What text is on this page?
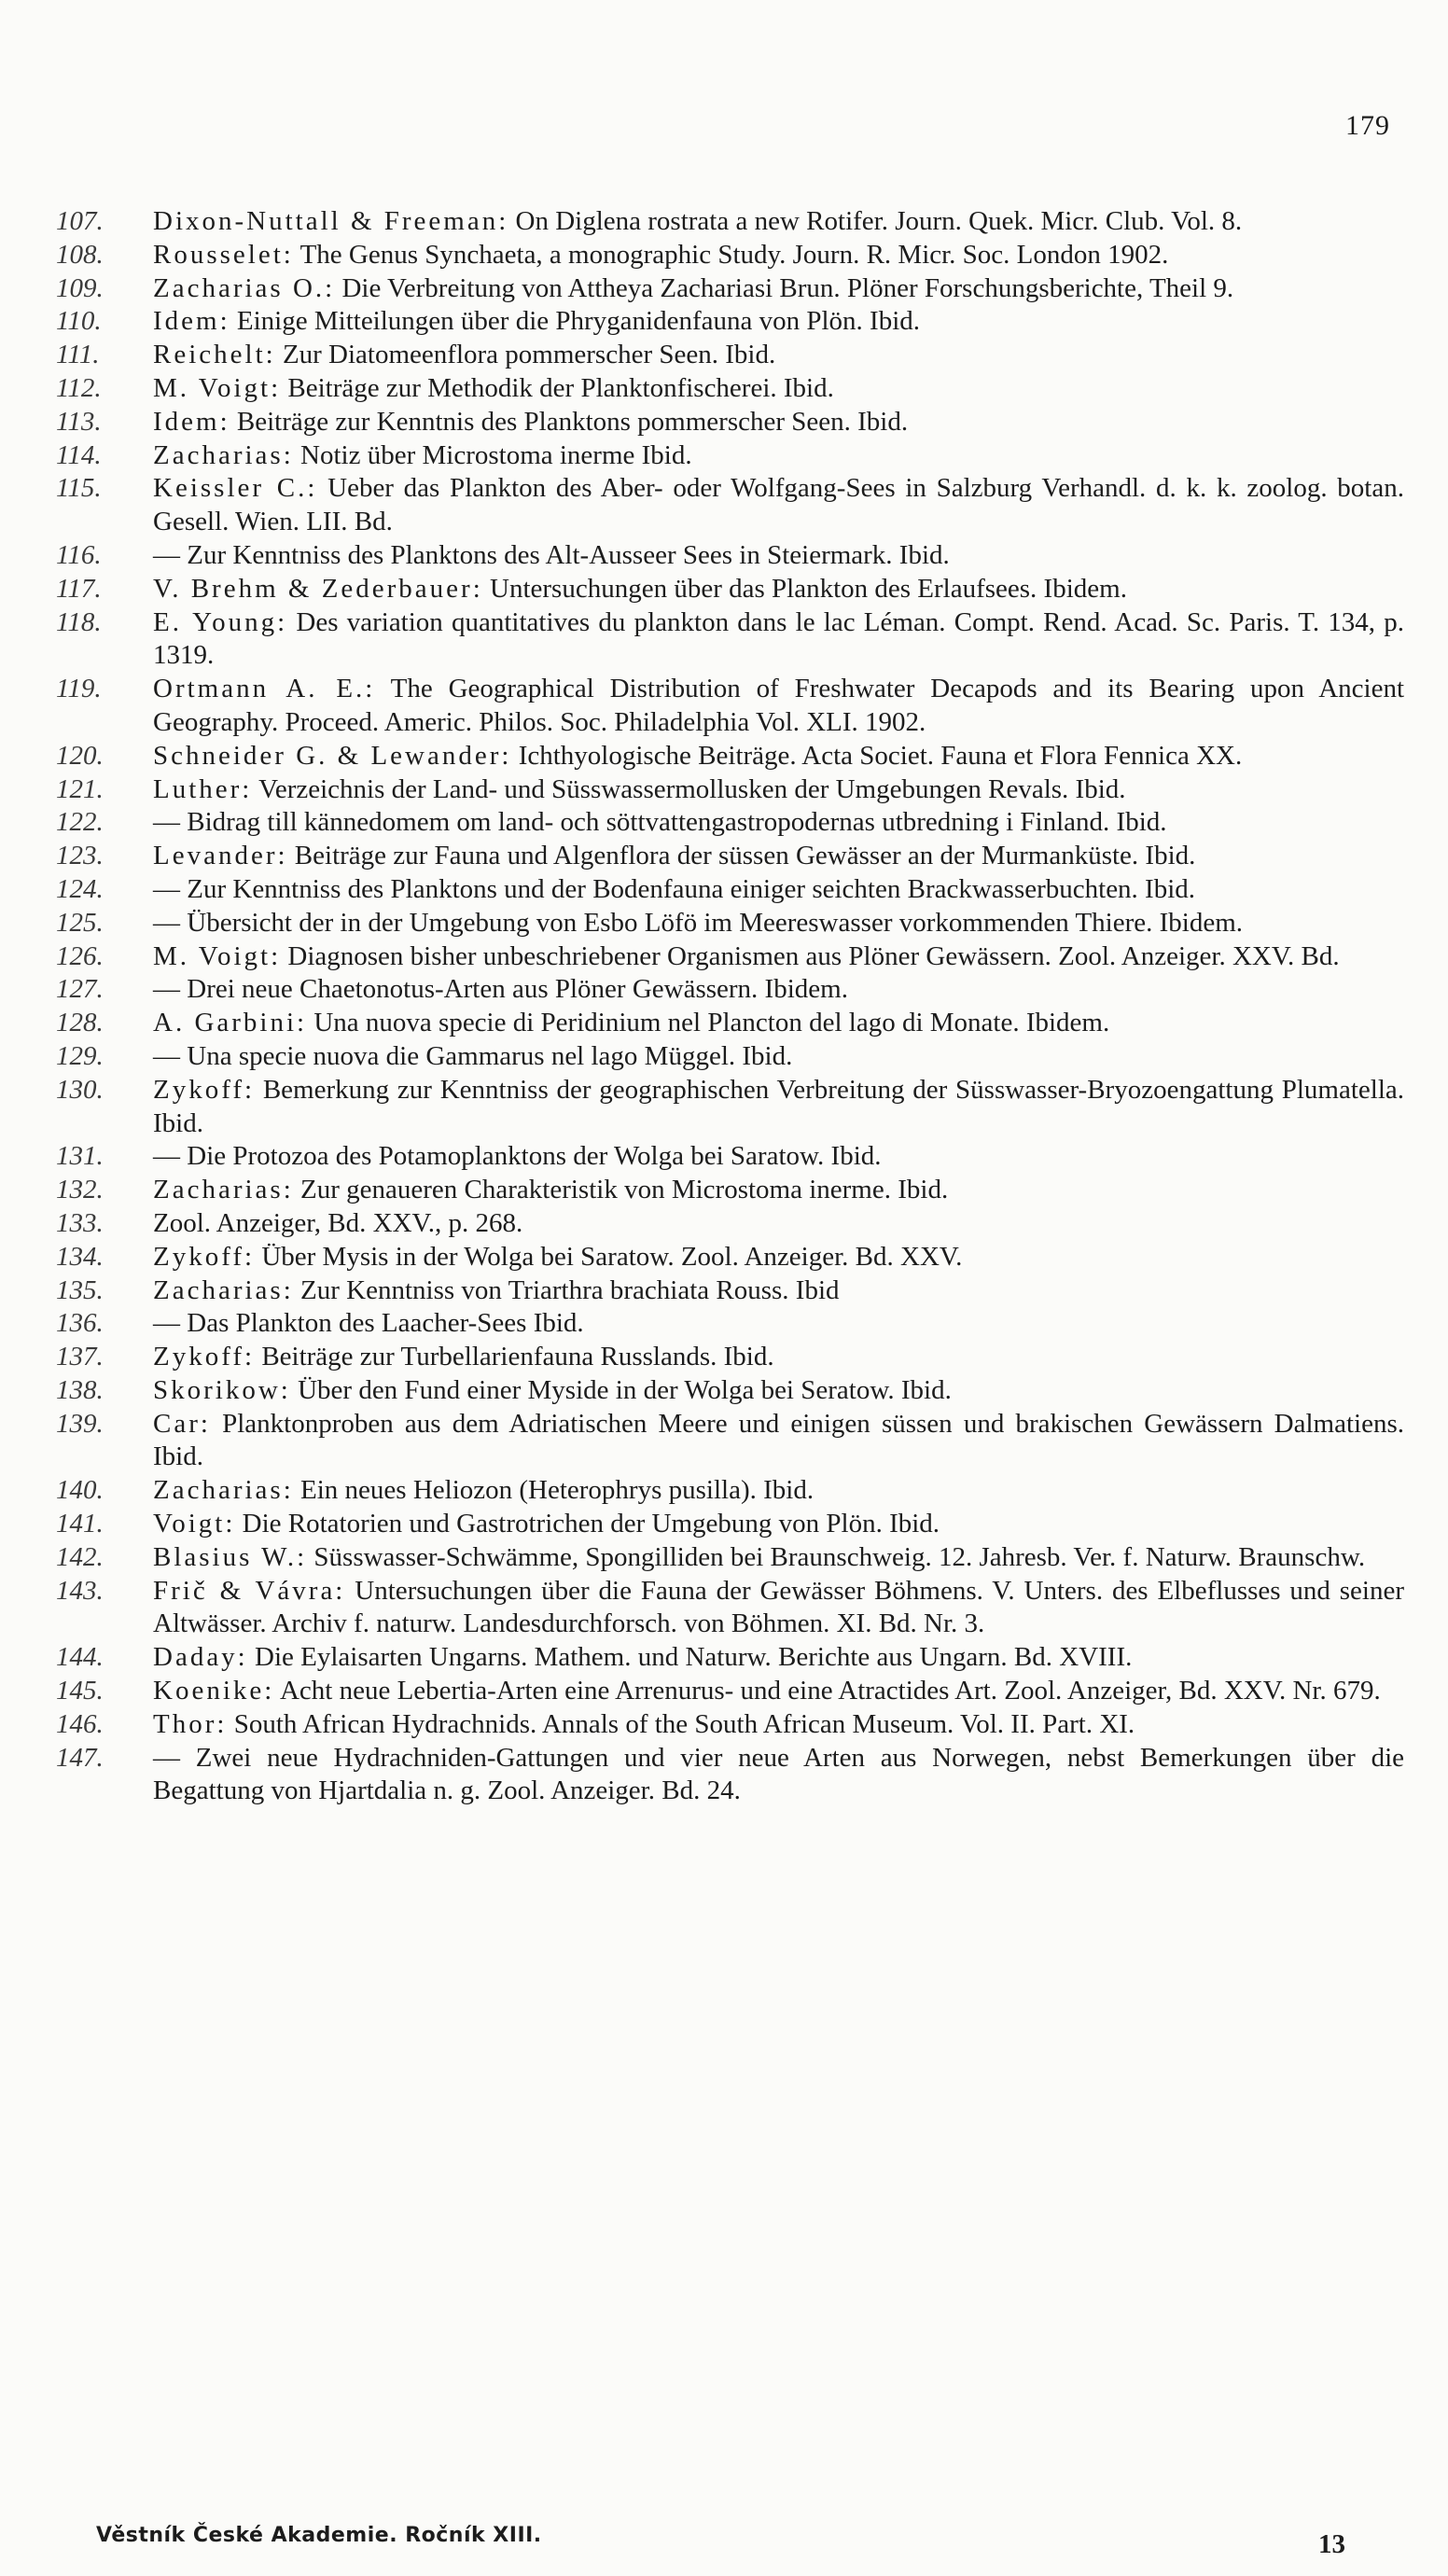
179
107.	Dixon-Nuttall & Freeman: On Diglena rostrata a new Rotifer. Journ. Quek. Micr. Club. Vol. 8.
108.	Rousselet: The Genus Synchaeta, a monographic Study. Journ. R. Micr. Soc. London 1902.
109.	Zacharias O.: Die Verbreitung von Attheya Zachariasi Brun. Plöner Forschungsberichte, Theil 9.
110.	Idem: Einige Mitteilungen über die Phryganidenfauna von Plön. Ibid.
111.	Reichelt: Zur Diatomeenflora pommerscher Seen. Ibid.
112.	M. Voigt: Beiträge zur Methodik der Planktonfischerei. Ibid.
113.	Idem: Beiträge zur Kenntnis des Planktons pommerscher Seen. Ibid.
114.	Zacharias: Notiz über Microstoma inerme Ibid.
115.	Keissler C.: Ueber das Plankton des Aber- oder Wolfgang-Sees in Salzburg Verhandl. d. k. k. zoolog. botan. Gesell. Wien. LII. Bd.
116.	— Zur Kenntniss des Planktons des Alt-Ausseer Sees in Steiermark. Ibid.
117.	V. Brehm & Zederbauer: Untersuchungen über das Plankton des Erlaufsees. Ibidem.
118.	E. Young: Des variation quantitatives du plankton dans le lac Léman. Compt. Rend. Acad. Sc. Paris. T. 134, p. 1319.
119.	Ortmann A. E.: The Geographical Distribution of Freshwater Decapods and its Bearing upon Ancient Geography. Proceed. Americ. Philos. Soc. Philadelphia Vol. XLI. 1902.
120.	Schneider G. & Lewander: Ichthyologische Beiträge. Acta Societ. Fauna et Flora Fennica XX.
121.	Luther: Verzeichnis der Land- und Süsswassermollusken der Umgebungen Revals. Ibid.
122.	— Bidrag till kännedomem om land- och söttvattengastropodernas utbredning i Finland. Ibid.
123.	Levander: Beiträge zur Fauna und Algenflora der süssen Gewässer an der Murmanküste. Ibid.
124.	— Zur Kenntniss des Planktons und der Bodenfauna einiger seichten Brackwasserbuchten. Ibid.
125.	— Übersicht der in der Umgebung von Esbo Löfö im Meereswasser vorkommenden Thiere. Ibidem.
126.	M. Voigt: Diagnosen bisher unbeschriebener Organismen aus Plöner Gewässern. Zool. Anzeiger. XXV. Bd.
127.	— Drei neue Chaetonotus-Arten aus Plöner Gewässern. Ibidem.
128.	A. Garbini: Una nuova specie di Peridinium nel Plancton del lago di Monate. Ibidem.
129.	— Una specie nuova die Gammarus nel lago Müggel. Ibid.
130.	Zykoff: Bemerkung zur Kenntniss der geographischen Verbreitung der Süsswasser-Bryozoengattung Plumatella. Ibid.
131.	— Die Protozoa des Potamoplanktons der Wolga bei Saratow. Ibid.
132.	Zacharias: Zur genaueren Charakteristik von Microstoma inerme. Ibid.
133.	Zool. Anzeiger, Bd. XXV., p. 268.
134.	Zykoff: Über Mysis in der Wolga bei Saratow. Zool. Anzeiger. Bd. XXV.
135.	Zacharias: Zur Kenntniss von Triarthra brachiata Rouss. Ibid
136.	— Das Plankton des Laacher-Sees Ibid.
137.	Zykoff: Beiträge zur Turbellarienfauna Russlands. Ibid.
138.	Skorikow: Über den Fund einer Myside in der Wolga bei Seratow. Ibid.
139.	Car: Planktonproben aus dem Adriatischen Meere und einigen süssen und brakischen Gewässern Dalmatiens. Ibid.
140.	Zacharias: Ein neues Heliozon (Heterophrys pusilla). Ibid.
141.	Voigt: Die Rotatorien und Gastrotrichen der Umgebung von Plön. Ibid.
142.	Blasius W.: Süsswasser-Schwämme, Spongilliden bei Braunschweig. 12. Jahresb. Ver. f. Naturw. Braunschw.
143.	Frič & Vávra: Untersuchungen über die Fauna der Gewässer Böhmens. V. Unters. des Elbeflusses und seiner Altwässer. Archiv f. naturw. Landesdurchforsch. von Böhmen. XI. Bd. Nr. 3.
144.	Daday: Die Eylaisarten Ungarns. Mathem. und Naturw. Berichte aus Ungarn. Bd. XVIII.
145.	Koenike: Acht neue Lebertia-Arten eine Arrenurus- und eine Atractides Art. Zool. Anzeiger, Bd. XXV. Nr. 679.
146.	Thor: South African Hydrachnids. Annals of the South African Museum. Vol. II. Part. XI.
147.	— Zwei neue Hydrachniden-Gattungen und vier neue Arten aus Norwegen, nebst Bemerkungen über die Begattung von Hjartdalia n. g. Zool. Anzeiger. Bd. 24.
Věstník České Akademie. Ročník XIII.	13
